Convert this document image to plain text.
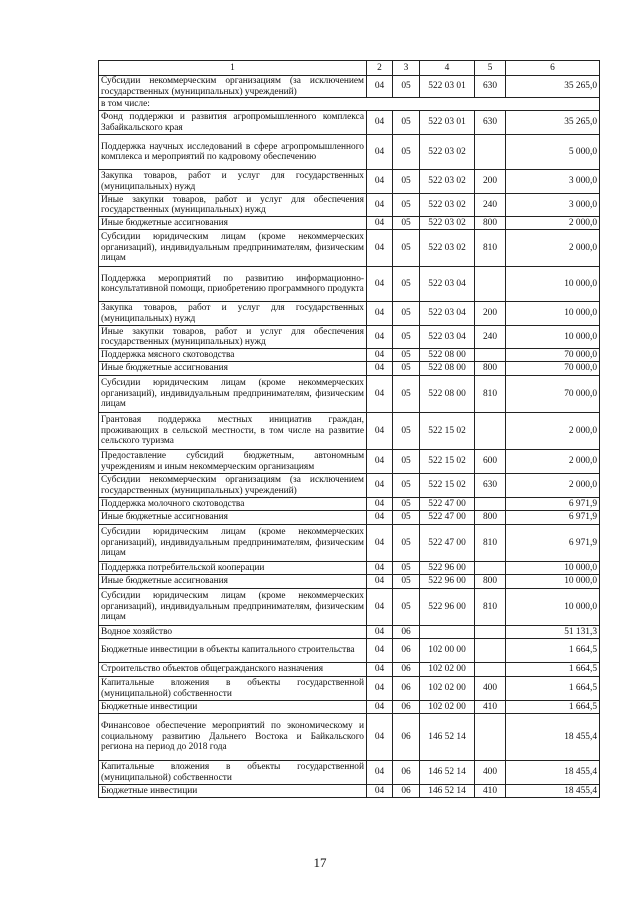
1	2	3	4	5	6
Субсидии некоммерческим организациям (за исключением государственных (муниципальных) учреждений)	04	05	522 03 01	630	35 265,0
в том числе:					
Фонд поддержки и развития агропромышленного комплекса Забайкальского края	04	05	522 03 01	630	35 265,0
Поддержка научных исследований в сфере агропромышленного комплекса и мероприятий по кадровому обеспечению	04	05	522 03 02		5 000,0
Закупка товаров, работ и услуг для государственных (муниципальных) нужд	04	05	522 03 02	200	3 000,0
Иные закупки товаров, работ и услуг для обеспечения государственных (муниципальных) нужд	04	05	522 03 02	240	3 000,0
Иные бюджетные ассигнования	04	05	522 03 02	800	2 000,0
Субсидии юридическим лицам (кроме некоммерческих организаций), индивидуальным предпринимателям, физическим лицам	04	05	522 03 02	810	2 000,0
Поддержка мероприятий по развитию информационно-консультативной помощи, приобретению программного продукта	04	05	522 03 04		10 000,0
Закупка товаров, работ и услуг для государственных (муниципальных) нужд	04	05	522 03 04	200	10 000,0
Иные закупки товаров, работ и услуг для обеспечения государственных (муниципальных) нужд	04	05	522 03 04	240	10 000,0
Поддержка мясного скотоводства	04	05	522 08 00		70 000,0
Иные бюджетные ассигнования	04	05	522 08 00	800	70 000,0
Субсидии юридическим лицам (кроме некоммерческих организаций), индивидуальным предпринимателям, физическим лицам	04	05	522 08 00	810	70 000,0
Грантовая поддержка местных инициатив граждан, проживающих в сельской местности, в том числе на развитие сельского туризма	04	05	522 15 02		2 000,0
Предоставление субсидий бюджетным, автономным учреждениям и иным некоммерческим организациям	04	05	522 15 02	600	2 000,0
Субсидии некоммерческим организациям (за исключением государственных (муниципальных) учреждений)	04	05	522 15 02	630	2 000,0
Поддержка молочного скотоводства	04	05	522 47 00		6 971,9
Иные бюджетные ассигнования	04	05	522 47 00	800	6 971,9
Субсидии юридическим лицам (кроме некоммерческих организаций), индивидуальным предпринимателям, физическим лицам	04	05	522 47 00	810	6 971,9
Поддержка потребительской кооперации	04	05	522 96 00		10 000,0
Иные бюджетные ассигнования	04	05	522 96 00	800	10 000,0
Субсидии юридическим лицам (кроме некоммерческих организаций), индивидуальным предпринимателям, физическим лицам	04	05	522 96 00	810	10 000,0
Водное хозяйство	04	06			51 131,3
Бюджетные инвестиции в объекты капитального строительства	04	06	102 00 00		1 664,5
Строительство объектов общегражданского назначения	04	06	102 02 00		1 664,5
Капитальные вложения в объекты государственной (муниципальной) собственности	04	06	102 02 00	400	1 664,5
Бюджетные инвестиции	04	06	102 02 00	410	1 664,5
Финансовое обеспечение мероприятий по экономическому и социальному развитию Дальнего Востока и Байкальского региона на период до 2018 года	04	06	146 52 14		18 455,4
Капитальные вложения в объекты государственной (муниципальной) собственности	04	06	146 52 14	400	18 455,4
Бюджетные инвестиции	04	06	146 52 14	410	18 455,4
17
